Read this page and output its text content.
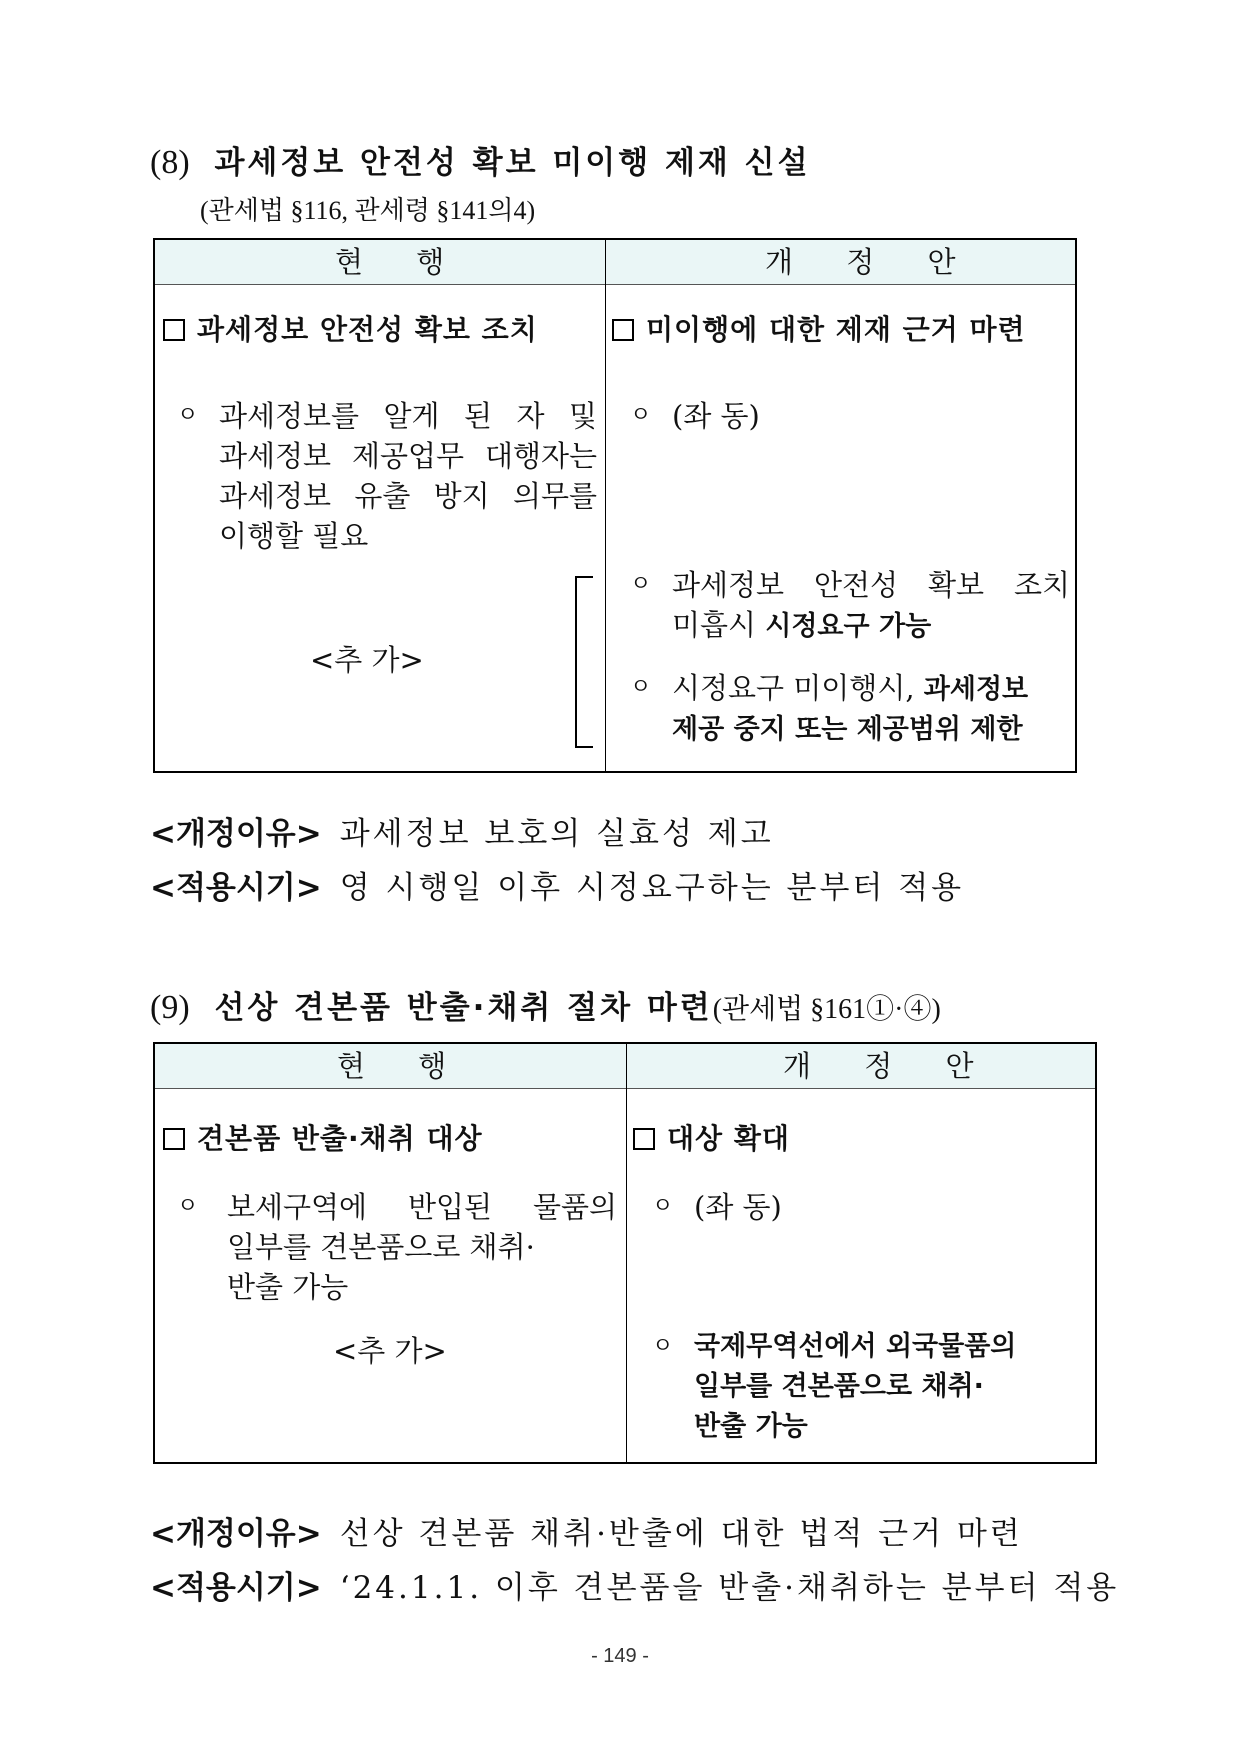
(8) 과세정보 안전성 확보 미이행 제재 신설
(관세법 §116, 관세령 §141의4)
현 행	개 정 안
과세정보 안전성 확보 조치
ㅇ 과세정보를 알게 된 자 및
과세정보 제공업무 대행자는
과세정보 유출 방지 의무를
이행할 필요
<추 가>
미이행에 대한 제재 근거 마련
ㅇ (좌 동)
ㅇ 과세정보 안전성 확보 조치
미흡시 시정요구 가능
ㅇ 시정요구 미이행시, 과세정보
제공 중지 또는 제공범위 제한
<개정이유> 과세정보 보호의 실효성 제고
<적용시기> 영 시행일 이후 시정요구하는 분부터 적용
(9) 선상 견본품 반출·채취 절차 마련(관세법 §161①·④)
현 행	개 정 안
견본품 반출·채취 대상
ㅇ 보세구역에 반입된 물품의
일부를 견본품으로 채취·
반출 가능
<추 가>
대상 확대
ㅇ (좌 동)
ㅇ 국제무역선에서 외국물품의
일부를 견본품으로 채취·
반출 가능
<개정이유> 선상 견본품 채취·반출에 대한 법적 근거 마련
<적용시기> ‘24.1.1. 이후 견본품을 반출·채취하는 분부터 적용
- 149 -
